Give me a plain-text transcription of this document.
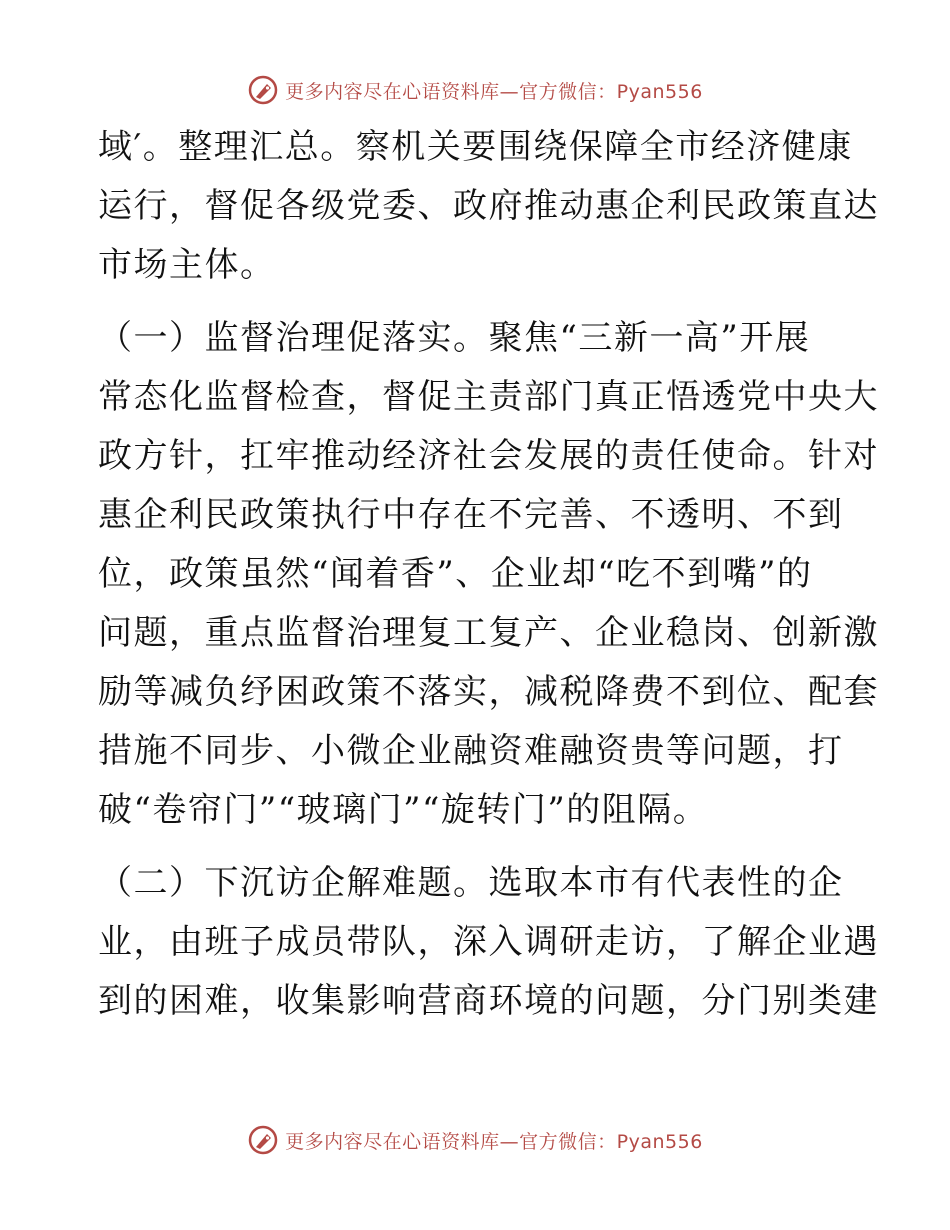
更多内容尽在心语资料库—官方微信：Pyan556
域′。整理汇总。察机关要围绕保障全市经济健康
运行，督促各级党委、政府推动惠企利民政策直达
市场主体。
（一）监督治理促落实。聚焦“三新一高”开展
常态化监督检查，督促主责部门真正悟透党中央大
政方针，扛牢推动经济社会发展的责任使命。针对
惠企利民政策执行中存在不完善、不透明、不到
位，政策虽然“闻着香”、企业却“吃不到嘴”的
问题，重点监督治理复工复产、企业稳岗、创新激
励等减负纾困政策不落实，减税降费不到位、配套
措施不同步、小微企业融资难融资贵等问题，打
破“卷帘门”“玻璃门”“旋转门”的阻隔。
（二）下沉访企解难题。选取本市有代表性的企
业，由班子成员带队，深入调研走访，了解企业遇
到的困难，收集影响营商环境的问题，分门别类建
更多内容尽在心语资料库—官方微信：Pyan556
